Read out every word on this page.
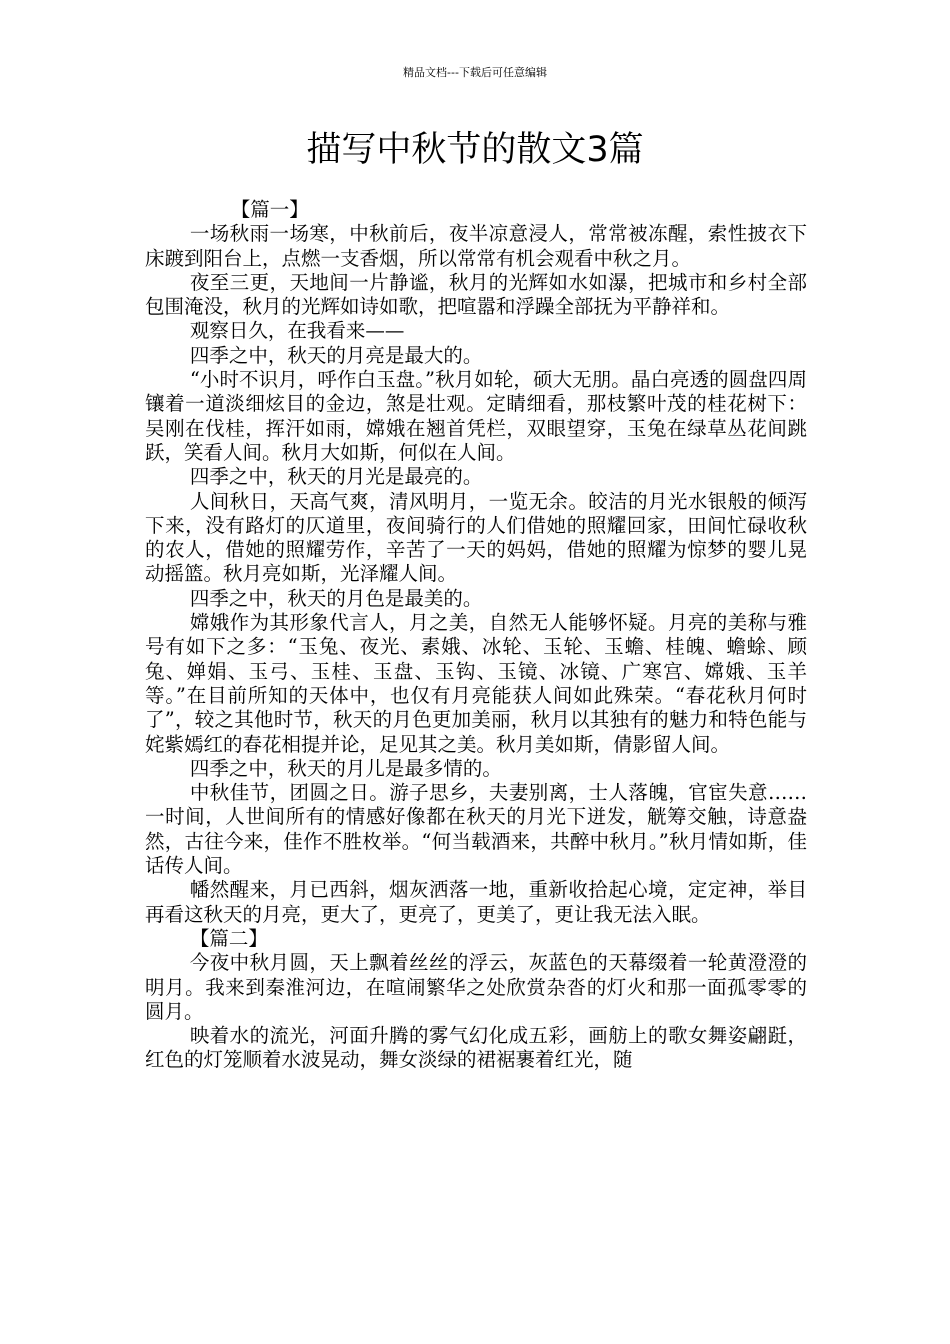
精品文档---下载后可任意编辑
描写中秋节的散文3篇

【篇一】

一场秋雨一场寒，中秋前后，夜半凉意浸人，常常被冻醒，索性披衣下床踱到阳台上，点燃一支香烟，所以常常有机会观看中秋之月。

夜至三更，天地间一片静谧，秋月的光辉如水如瀑，把城市和乡村全部包围淹没，秋月的光辉如诗如歌，把喧嚣和浮躁全部抚为平静祥和。

观察日久，在我看来——

四季之中，秋天的月亮是最大的。

“小时不识月，呼作白玉盘。”秋月如轮，硕大无朋。晶白亮透的圆盘四周镶着一道淡细炫目的金边，煞是壮观。定睛细看，那枝繁叶茂的桂花树下：吴刚在伐桂，挥汗如雨，嫦娥在翘首凭栏，双眼望穿，玉兔在绿草丛花间跳跃，笑看人间。秋月大如斯，何似在人间。

四季之中，秋天的月光是最亮的。

人间秋日，天高气爽，清风明月，一览无余。皎洁的月光水银般的倾泻下来，没有路灯的仄道里，夜间骑行的人们借她的照耀回家，田间忙碌收秋的农人，借她的照耀劳作，辛苦了一天的妈妈，借她的照耀为惊梦的婴儿晃动摇篮。秋月亮如斯，光泽耀人间。

四季之中，秋天的月色是最美的。

嫦娥作为其形象代言人，月之美，自然无人能够怀疑。月亮的美称与雅号有如下之多：“玉兔、夜光、素娥、冰轮、玉轮、玉蟾、桂魄、蟾蜍、顾兔、婵娟、玉弓、玉桂、玉盘、玉钩、玉镜、冰镜、广寒宫、嫦娥、玉羊等。”在目前所知的天体中，也仅有月亮能获人间如此殊荣。“春花秋月何时了”，较之其他时节，秋天的月色更加美丽，秋月以其独有的魅力和特色能与姹紫嫣红的春花相提并论，足见其之美。秋月美如斯，倩影留人间。

四季之中，秋天的月儿是最多情的。

中秋佳节，团圆之日。游子思乡，夫妻别离，士人落魄，官宦失意……一时间，人世间所有的情感好像都在秋天的月光下迸发，觥筹交触，诗意盎然，古往今来，佳作不胜枚举。“何当载酒来，共醉中秋月。”秋月情如斯，佳话传人间。

幡然醒来，月已西斜，烟灰洒落一地，重新收拾起心境，定定神，举目再看这秋天的月亮，更大了，更亮了，更美了，更让我无法入眠。

【篇二】

今夜中秋月圆，天上飘着丝丝的浮云，灰蓝色的天幕缀着一轮黄澄澄的明月。我来到秦淮河边，在喧闹繁华之处欣赏杂沓的灯火和那一面孤零零的圆月。

映着水的流光，河面升腾的雾气幻化成五彩，画舫上的歌女舞姿翩跹，红色的灯笼顺着水波晃动，舞女淡绿的裙裾裹着红光，随
